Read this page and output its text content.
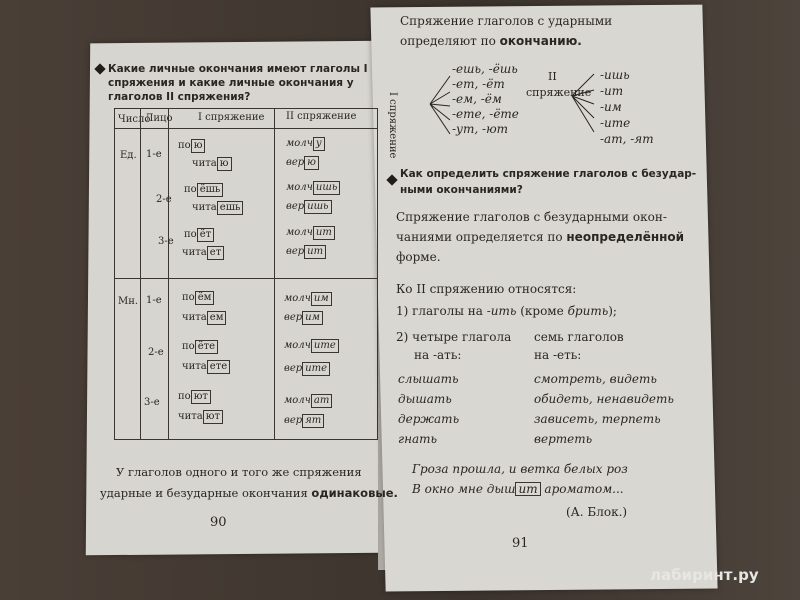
Какие личные окончания имеют глаголы I спряжения и какие личные окончания у глаголов II спряжения?
Число
Лицо	I спряжение II спряжение
Ед. 1-е
по ю
чита ю
молч у
вер ю
2-е
по ёшь
чита ешь
молч ишь
вер ишь
3-е
по ёт
чита ет
молч ит
вер ит
Мн. 1-е по ём
чита ем
молч им
вер им
2-е
по ёте
чита ете
молч ите
вер ите
3-е
по ют
чита ют
молч ат
вер ят
У глаголов одного и того же спряжения
ударные и безударные окончания одинаковые.
90
Спряжение глаголов с ударными
определяют по окончанию.
I спряжение
-ешь, -ёшь
-ет, -ёт
-ем, -ём
-ете, -ёте
-ут, -ют
II
спряжение
-ишь
-ит
-им
-ите
-ат, -ят
Как определить спряжение глаголов с безудар-
ными окончаниями?
Спряжение глаголов с безударными окон-
чаниями определяется по неопределённой
форме.
Ко II спряжению относятся:
1) глаголы на -ить (кроме брить);
2) четыре глагола
на -ать:
семь глаголов
на -еть:
слышать
дышать
держать
гнать
смотреть, видеть
обидеть, ненавидеть
зависеть, терпеть
вертеть
Гроза прошла, и ветка белых роз
В окно мне дыш ит ароматом...
(А. Блок.)
91
лабиринт.ру
